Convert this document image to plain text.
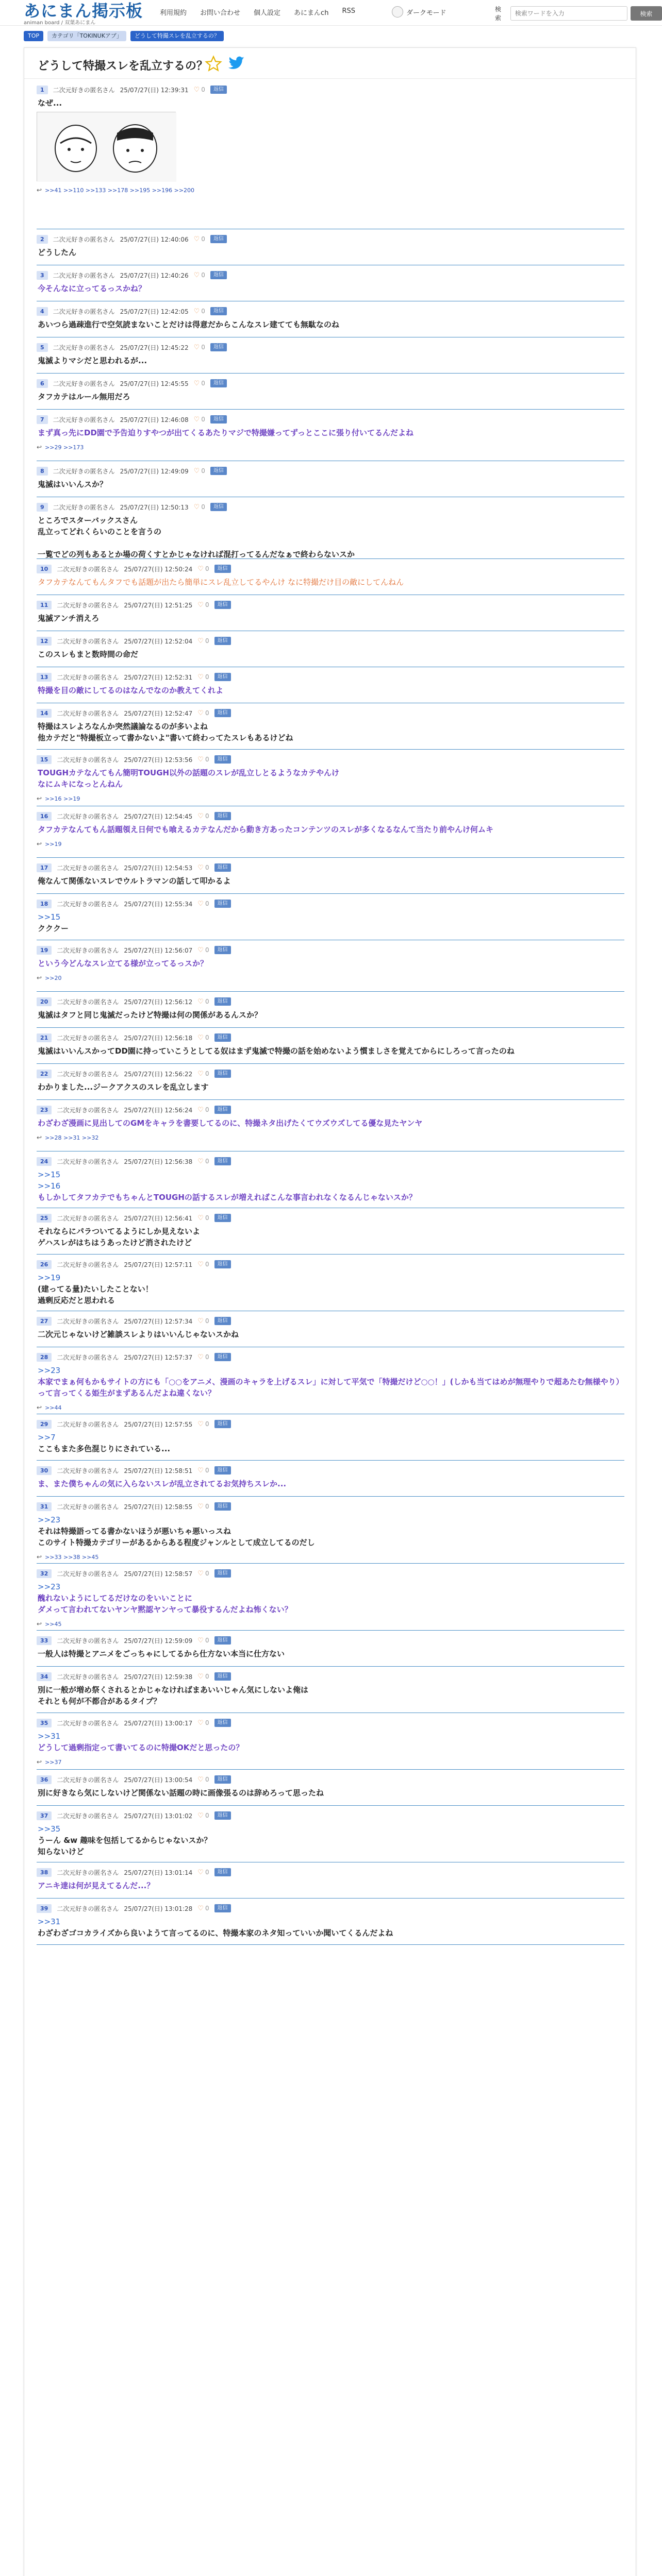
あにまん掲示板
animan board / 双葉あにまん
利用規約 お問い合わせ 個人設定 あにまんch RSS	ダークモード	検索
検索ワードを入力
検索
TOP	カテゴリ「TOKINUKアプ」	どうして特撮スレを乱立するの？
どうして特撮スレを乱立するの？
1	二次元好きの匿名さん 25/07/27(日) 12:39:31 ♡ 0	返信
なぜ...
↩ >>41 >>110 >>133 >>178 >>195 >>196 >>200
2	二次元好きの匿名さん 25/07/27(日) 12:40:06 ♡ 0	返信
どうしたん
3	二次元好きの匿名さん 25/07/27(日) 12:40:26 ♡ 0	返信
今そんなに立ってるっスかね？
4	二次元好きの匿名さん 25/07/27(日) 12:42:05 ♡ 0	返信
あいつら過疎進行で空気読まないことだけは得意だからこんなスレ建てても無駄なのね
5	二次元好きの匿名さん 25/07/27(日) 12:45:22 ♡ 0	返信
鬼滅よりマシだと思われるが...
6	二次元好きの匿名さん 25/07/27(日) 12:45:55 ♡ 0	返信
タフカテはルール無用だろ
7	二次元好きの匿名さん 25/07/27(日) 12:46:08 ♡ 0	返信
まず真っ先にDD園で予告迫りすやつが出てくるあたりマジで特撮嫌ってずっとここに張り付いてるんだよね
↩ >>29 >>173
8	二次元好きの匿名さん 25/07/27(日) 12:49:09 ♡ 0	返信
鬼滅はいいんスか？
9	二次元好きの匿名さん 25/07/27(日) 12:50:13 ♡ 0	返信
ところでスターバックスさん
乱立ってどれくらいのことを言うの

一覧でどの列もあるとか場の荷くすとかじゃなければ混打ってるんだなぁで終わらないスか
10	二次元好きの匿名さん 25/07/27(日) 12:50:24 ♡ 0	返信
タフカテなんてもんタフでも話題が出たら簡単にスレ乱立してるやんけ なに特撮だけ目の敵にしてんねん
11	二次元好きの匿名さん 25/07/27(日) 12:51:25 ♡ 0	返信
鬼滅アンチ消えろ
12	二次元好きの匿名さん 25/07/27(日) 12:52:04 ♡ 0	返信
このスレもまと数時間の命だ
13	二次元好きの匿名さん 25/07/27(日) 12:52:31 ♡ 0	返信
特撮を目の敵にしてるのはなんでなのか教えてくれよ
14	二次元好きの匿名さん 25/07/27(日) 12:52:47 ♡ 0	返信
特撮はスレよろなんか突然議論なるのが多いよね
他カテだと"特撮板立って書かないよ"書いて終わってたスレもあるけどね
15	二次元好きの匿名さん 25/07/27(日) 12:53:56 ♡ 0	返信
TOUGHカテなんてもん簡明TOUGH以外の話題のスレが乱立しとるようなカテやんけ
なにムキになっとんねん
↩ >>16 >>19
16	二次元好きの匿名さん 25/07/27(日) 12:54:45 ♡ 0	返信
タフカテなんてもん話題領え日何でも喰えるカテなんだから動き方あったコンテンツのスレが多くなるなんて当たり前やんけ何ムキ
↩ >>19
17	二次元好きの匿名さん 25/07/27(日) 12:54:53 ♡ 0	返信
俺なんて関係ないスレでウルトラマンの話して叩かるよ
18	二次元好きの匿名さん 25/07/27(日) 12:55:34 ♡ 0	返信
>>15
クククー
19	二次元好きの匿名さん 25/07/27(日) 12:56:07 ♡ 0	返信
という今どんなスレ立てる様が立ってるっスか？
↩ >>20
20	二次元好きの匿名さん 25/07/27(日) 12:56:12 ♡ 0	返信
鬼滅はタフと同じ鬼滅だったけど特撮は何の関係があるんスか？
21	二次元好きの匿名さん 25/07/27(日) 12:56:18 ♡ 0	返信
鬼滅はいいんスかってDD園に持っていこうとしてる奴はまず鬼滅で特撮の話を始めないよう慣ましさを覚えてからにしろって言ったのね
22	二次元好きの匿名さん 25/07/27(日) 12:56:22 ♡ 0	返信
わかりました...ジークアクスのスレを乱立します
23	二次元好きの匿名さん 25/07/27(日) 12:56:24 ♡ 0	返信
わざわざ漫画に見出してのGMをキャラを書要してるのに、特撮ネタ出げたくてウズウズしてる優な見たヤンヤ
↩ >>28 >>31 >>32
24	二次元好きの匿名さん 25/07/27(日) 12:56:38 ♡ 0	返信
>>15
>>16
もしかしてタフカテでもちゃんとTOUGHの話するスレが増えればこんな事言われなくなるんじゃないスか？
25	二次元好きの匿名さん 25/07/27(日) 12:56:41 ♡ 0	返信
それならにパラついてるようにしか見えないよ
ゲハスレがはちはうあったけど消されたけど
26	二次元好きの匿名さん 25/07/27(日) 12:57:11 ♡ 0	返信
>>19
(建ってる量)たいしたことない！
過剰反応だと思われる
27	二次元好きの匿名さん 25/07/27(日) 12:57:34 ♡ 0	返信
二次元じゃないけど雑談スレよりはいいんじゃないスかね
28	二次元好きの匿名さん 25/07/27(日) 12:57:37 ♡ 0	返信
>>23
本家でまぁ何もかもサイトの方にも「○○をアニメ、漫画のキャラを上げるスレ」に対して平気で「特撮だけど○○！」(しかも当てはめが無理やりで超あたむ無様やり）って言ってくる姫生がまずあるんだよね違くない？
↩ >>44
29	二次元好きの匿名さん 25/07/27(日) 12:57:55 ♡ 0	返信
>>7
ここもまた多色混じりにされている...
30	二次元好きの匿名さん 25/07/27(日) 12:58:51 ♡ 0	返信
ま、また僕ちゃんの気に入らないスレが乱立されてるお気持ちスレか...
31	二次元好きの匿名さん 25/07/27(日) 12:58:55 ♡ 0	返信
>>23
それは特撮語ってる書かないほうが悪いちゃ悪いっスね
このサイト特撮カテゴリーがあるからある程度ジャンルとして成立してるのだし
↩ >>33 >>38 >>45
32	二次元好きの匿名さん 25/07/27(日) 12:58:57 ♡ 0	返信
>>23
醜れないようにしてるだけなのをいいことに
ダメって言われてないヤンヤ黙認ヤンヤって暴役するんだよね怖くない？
↩ >>45
33	二次元好きの匿名さん 25/07/27(日) 12:59:09 ♡ 0	返信
一般人は特撮とアニメをごっちゃにしてるから仕方ない本当に仕方ない
34	二次元好きの匿名さん 25/07/27(日) 12:59:38 ♡ 0	返信
別に一般が増め祭くされるとかじゃなければまあいいじゃん気にしないよ俺は
それとも何が不都合があるタイプ？
35	二次元好きの匿名さん 25/07/27(日) 13:00:17 ♡ 0	返信
>>31
どうして過剰指定って書いてるのに特撮OKだと思ったの？
↩ >>37
36	二次元好きの匿名さん 25/07/27(日) 13:00:54 ♡ 0	返信
別に好きなら気にしないけど関係ない話題の時に画像張るのは辞めろって思ったね
37	二次元好きの匿名さん 25/07/27(日) 13:01:02 ♡ 0	返信
>>35
うーん &w 趣味を包括してるからじゃないスか？
知らないけど
38	二次元好きの匿名さん 25/07/27(日) 13:01:14 ♡ 0	返信
アニキ達は何が見えてるんだ...？
39	二次元好きの匿名さん 25/07/27(日) 13:01:28 ♡ 0	返信
>>31
わざわざゴコカライズから良いようて言ってるのに、特撮本家のネタ知っていいか聞いてくるんだよね
